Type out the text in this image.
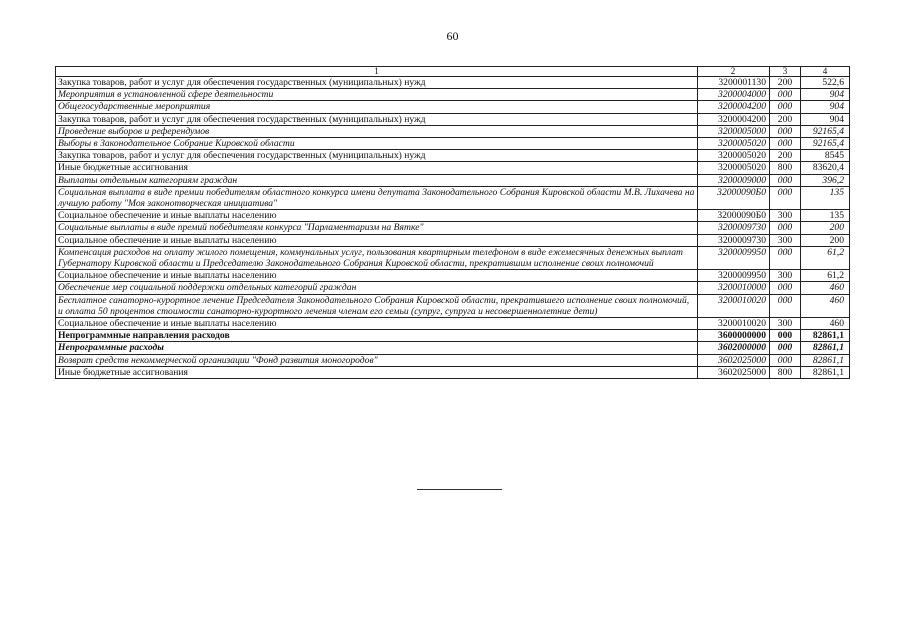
60
1	2	3	4
Закупка товаров, работ и услуг для обеспечения государственных (муниципальных) нужд	3200001130	200	522,6
Мероприятия в установленной сфере деятельности	3200004000	000	904
Общегосударственные мероприятия	3200004200	000	904
Закупка товаров, работ и услуг для обеспечения государственных (муниципальных) нужд	3200004200	200	904
Проведение выборов и референдумов	3200005000	000	92165,4
Выборы в Законодательное Собрание Кировской области	3200005020	000	92165,4
Закупка товаров, работ и услуг для обеспечения государственных (муниципальных) нужд	3200005020	200	8545
Иные бюджетные ассигнования	3200005020	800	83620,4
Выплаты отдельным категориям граждан	3200009000	000	396,2
Социальная выплата в виде премии победителям областного конкурса имени депутата Законодательного Собрания Кировской области М.В. Лихачева на лучшую работу "Моя законотворческая инициатива"	32000090Б0	000	135
Социальное обеспечение и иные выплаты населению	32000090Б0	300	135
Социальные выплаты в виде премий победителям конкурса "Парламентаризм на Вятке"	3200009730	000	200
Социальное обеспечение и иные выплаты населению	3200009730	300	200
Компенсация расходов на оплату жилого помещения, коммунальных услуг, пользования квартирным телефоном в виде ежемесячных денежных выплат Губернатору Кировской области и Председателю Законодательного Собрания Кировской области, прекратившим исполнение своих полномочий	3200009950	000	61,2
Социальное обеспечение и иные выплаты населению	3200009950	300	61,2
Обеспечение мер социальной поддержки отдельных категорий граждан	3200010000	000	460
Бесплатное санаторно-курортное лечение Председателя Законодательного Собрания Кировской области, прекратившего исполнение своих полномочий, и оплата 50 процентов стоимости санаторно-курортного лечения членам его семьи (супруг, супруга и несовершеннолетние дети)	3200010020	000	460
Социальное обеспечение и иные выплаты населению	3200010020	300	460
Непрограммные направления расходов	3600000000	000	82861,1
Непрограммные расходы	3602000000	000	82861,1
Возврат средств некоммерческой организации "Фонд развития моногородов"	3602025000	000	82861,1
Иные бюджетные ассигнования	3602025000	800	82861,1
